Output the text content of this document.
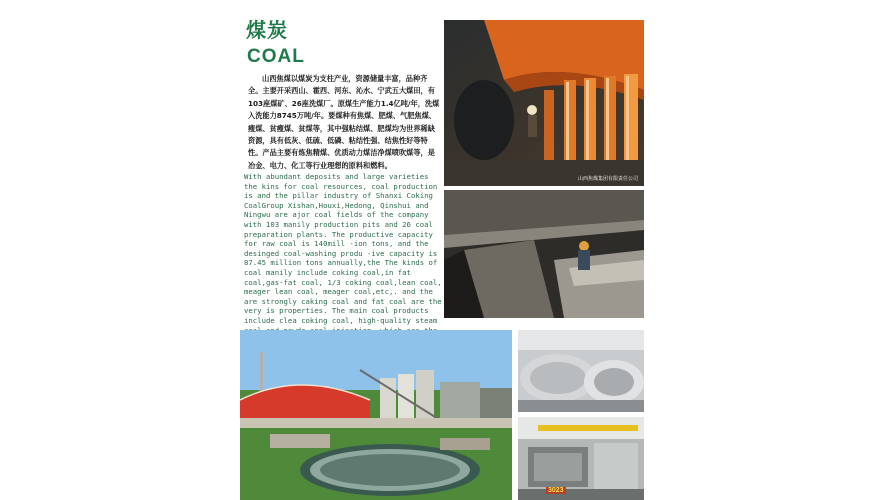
煤炭
COAL

山西焦煤以煤炭为支柱产业，资源储量丰富，品种齐全。主要开采西山、霍西、河东、沁水、宁武五大煤田，有103座煤矿、26座洗煤厂。原煤生产能力1.4亿吨/年，洗煤入洗能力8745万吨/年。要煤种有焦煤、肥煤、气肥焦煤、瘦煤、贫瘦煤、贫煤等，其中强粘结煤、肥煤均为世界稀缺资源，具有低灰、低硫、低磷、粘结性强、结焦性好等特性。产品主要有炼焦精煤、优质动力煤洁净煤喷吹煤等，是冶金、电力、化工等行业理想的原料和燃料。

With abundant deposits and large varieties the kins for coal resources, coal production is and the pillar industry of Shanxi Coking CoalGroup Xishan,Houxi,Hedong, Qinshui and Ningwu are ajor coal fields of the company with 103 manily production pits and 26 coal preparation plants. The productive capacity for raw coal is 140mill -ion tons, and the desinged coal-washing produ -ive capacity is 87.45 million tons annually,the The kinds of coal manily include coking coal,in fat coal,gas-fat coal, 1/3 coking coal,lean coal, meager lean coal, meager coal,etc,. and the are strongly caking coal and fat coal are the very is properties. The main coal products include clea coking coal, high-quality steam

山西焦煤集团有限责任公司
3023
